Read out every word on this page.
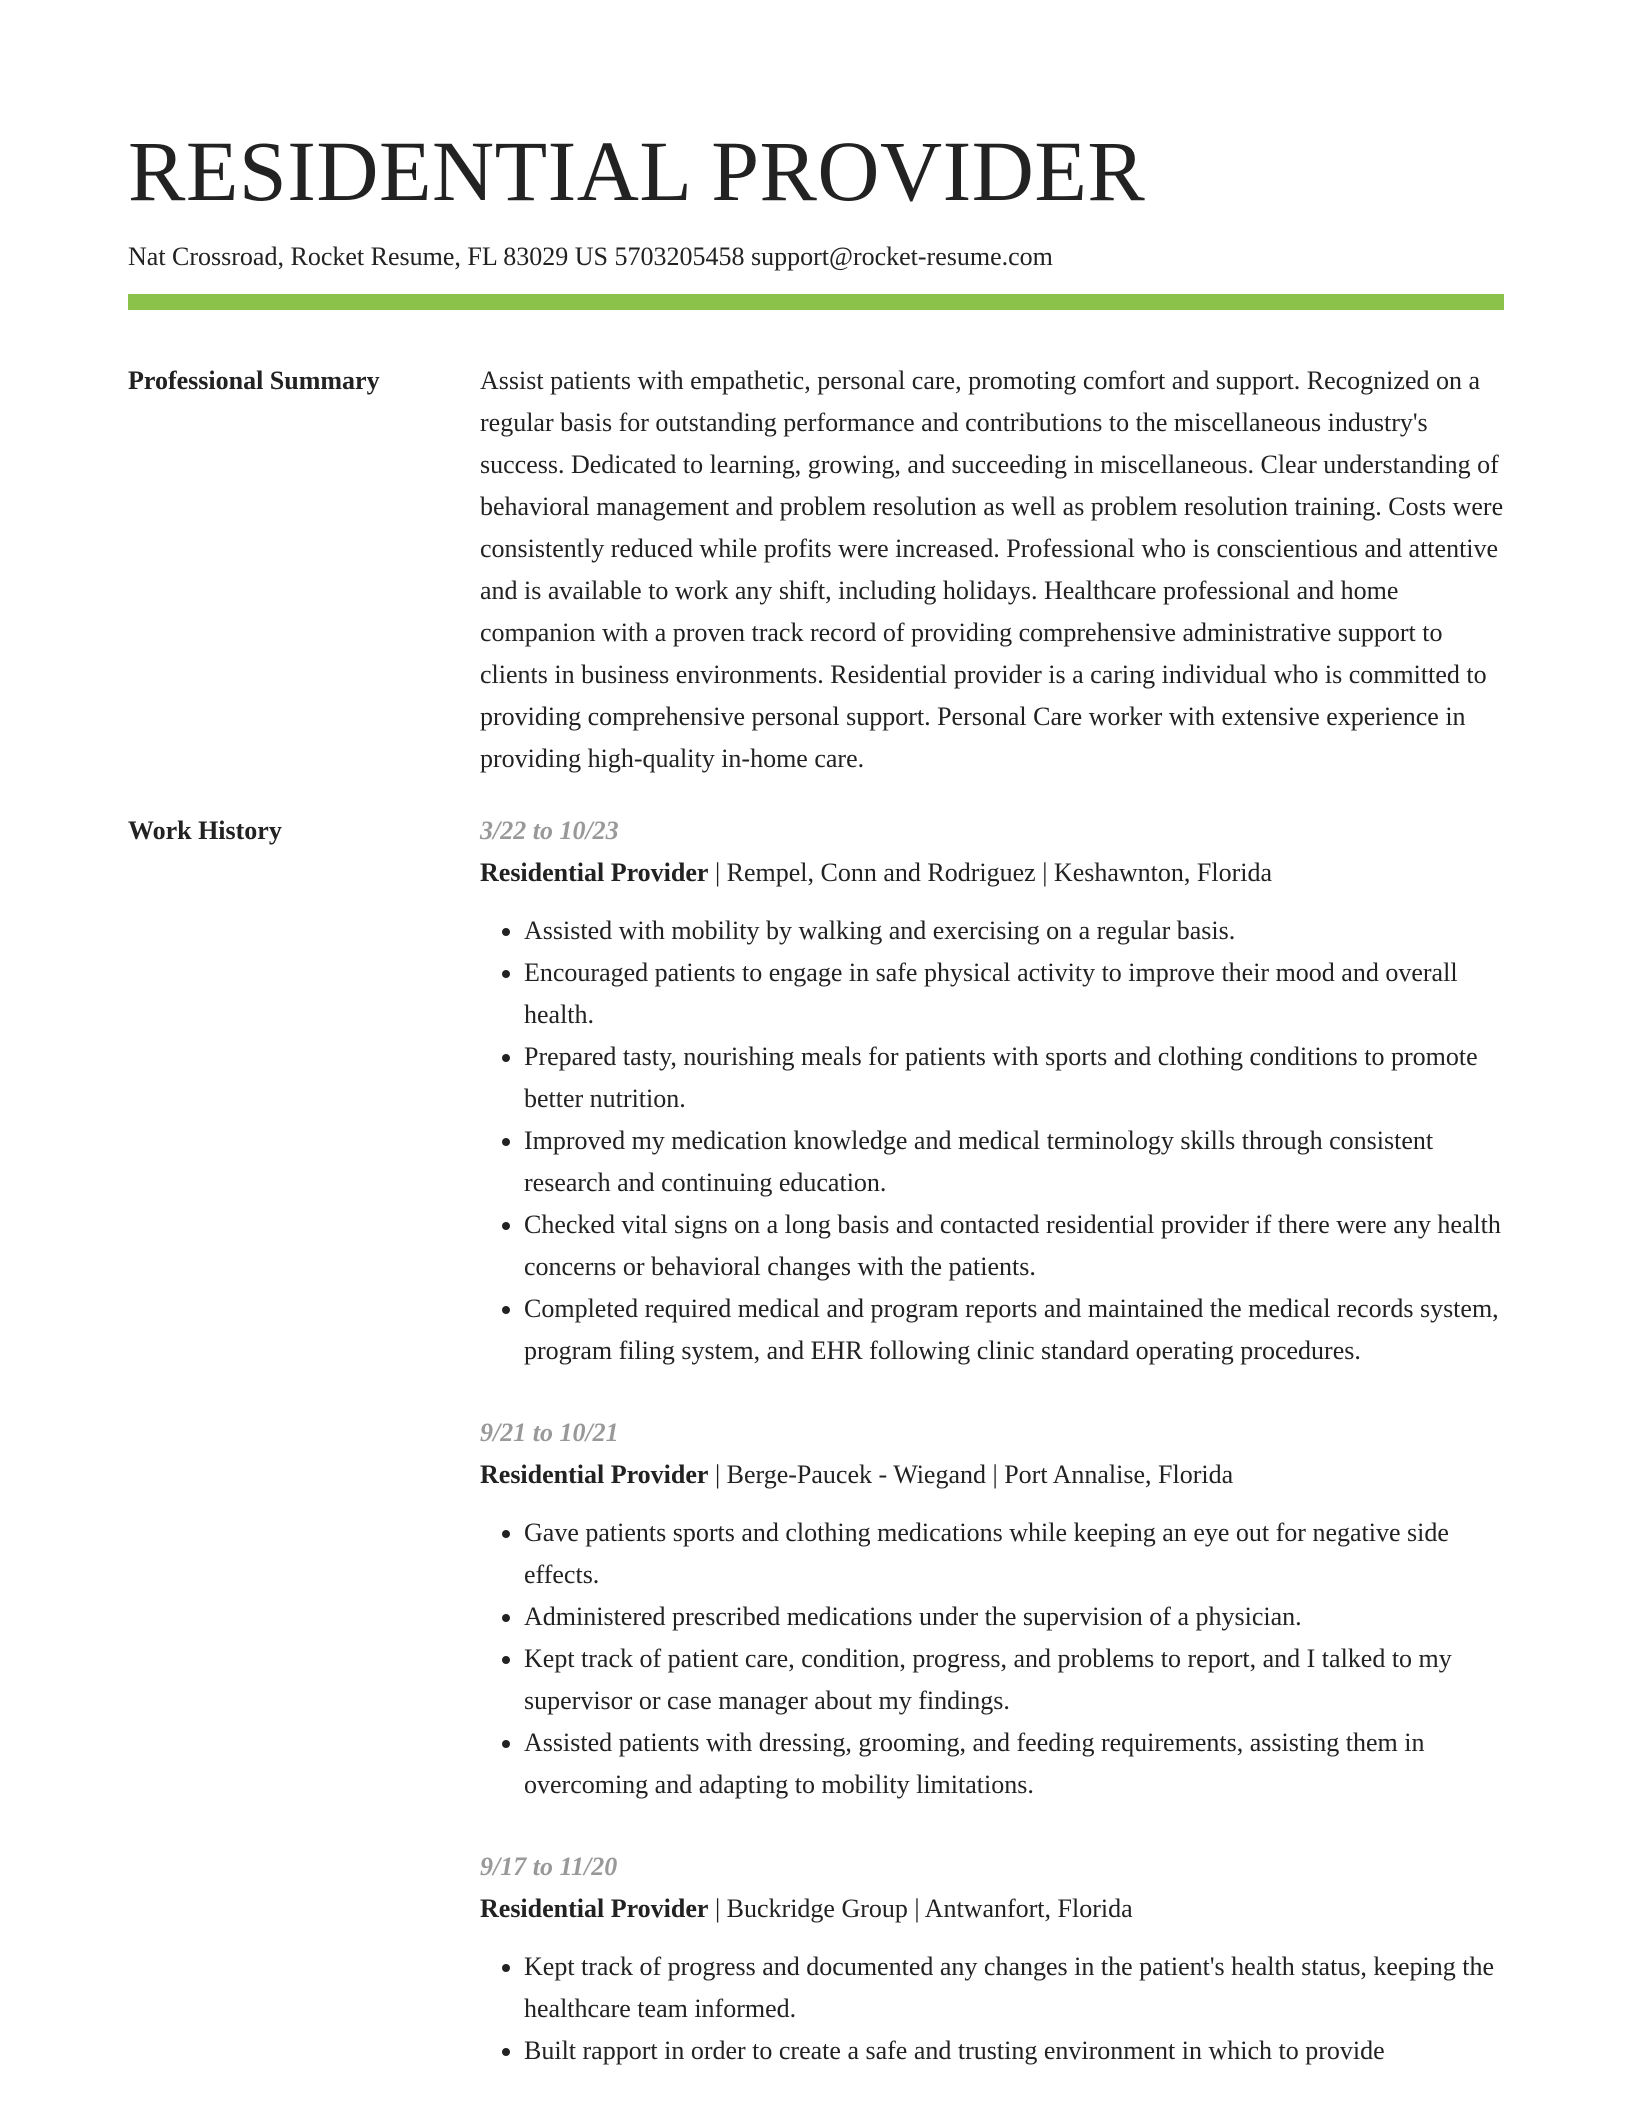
RESIDENTIAL PROVIDER
Nat Crossroad, Rocket Resume, FL 83029 US 5703205458 support@rocket-resume.com
Professional Summary	Assist patients with empathetic, personal care, promoting comfort and support. Recognized on a regular basis for outstanding performance and contributions to the miscellaneous industry's success. Dedicated to learning, growing, and succeeding in miscellaneous. Clear understanding of behavioral management and problem resolution as well as problem resolution training. Costs were consistently reduced while profits were increased. Professional who is conscientious and attentive and is available to work any shift, including holidays. Healthcare professional and home companion with a proven track record of providing comprehensive administrative support to clients in business environments. Residential provider is a caring individual who is committed to providing comprehensive personal support. Personal Care worker with extensive experience in providing high-quality in-home care.

Work History	3/22 to 10/23
Residential Provider | Rempel, Conn and Rodriguez | Keshawnton, Florida
• Assisted with mobility by walking and exercising on a regular basis.
• Encouraged patients to engage in safe physical activity to improve their mood and overall health.
• Prepared tasty, nourishing meals for patients with sports and clothing conditions to promote better nutrition.
• Improved my medication knowledge and medical terminology skills through consistent research and continuing education.
• Checked vital signs on a long basis and contacted residential provider if there were any health concerns or behavioral changes with the patients.
• Completed required medical and program reports and maintained the medical records system, program filing system, and EHR following clinic standard operating procedures.
9/21 to 10/21
Residential Provider | Berge-Paucek - Wiegand | Port Annalise, Florida
• Gave patients sports and clothing medications while keeping an eye out for negative side effects.
• Administered prescribed medications under the supervision of a physician.
• Kept track of patient care, condition, progress, and problems to report, and I talked to my supervisor or case manager about my findings.
• Assisted patients with dressing, grooming, and feeding requirements, assisting them in overcoming and adapting to mobility limitations.
9/17 to 11/20
Residential Provider | Buckridge Group | Antwanfort, Florida
• Kept track of progress and documented any changes in the patient's health status, keeping the healthcare team informed.
• Built rapport in order to create a safe and trusting environment in which to provide
